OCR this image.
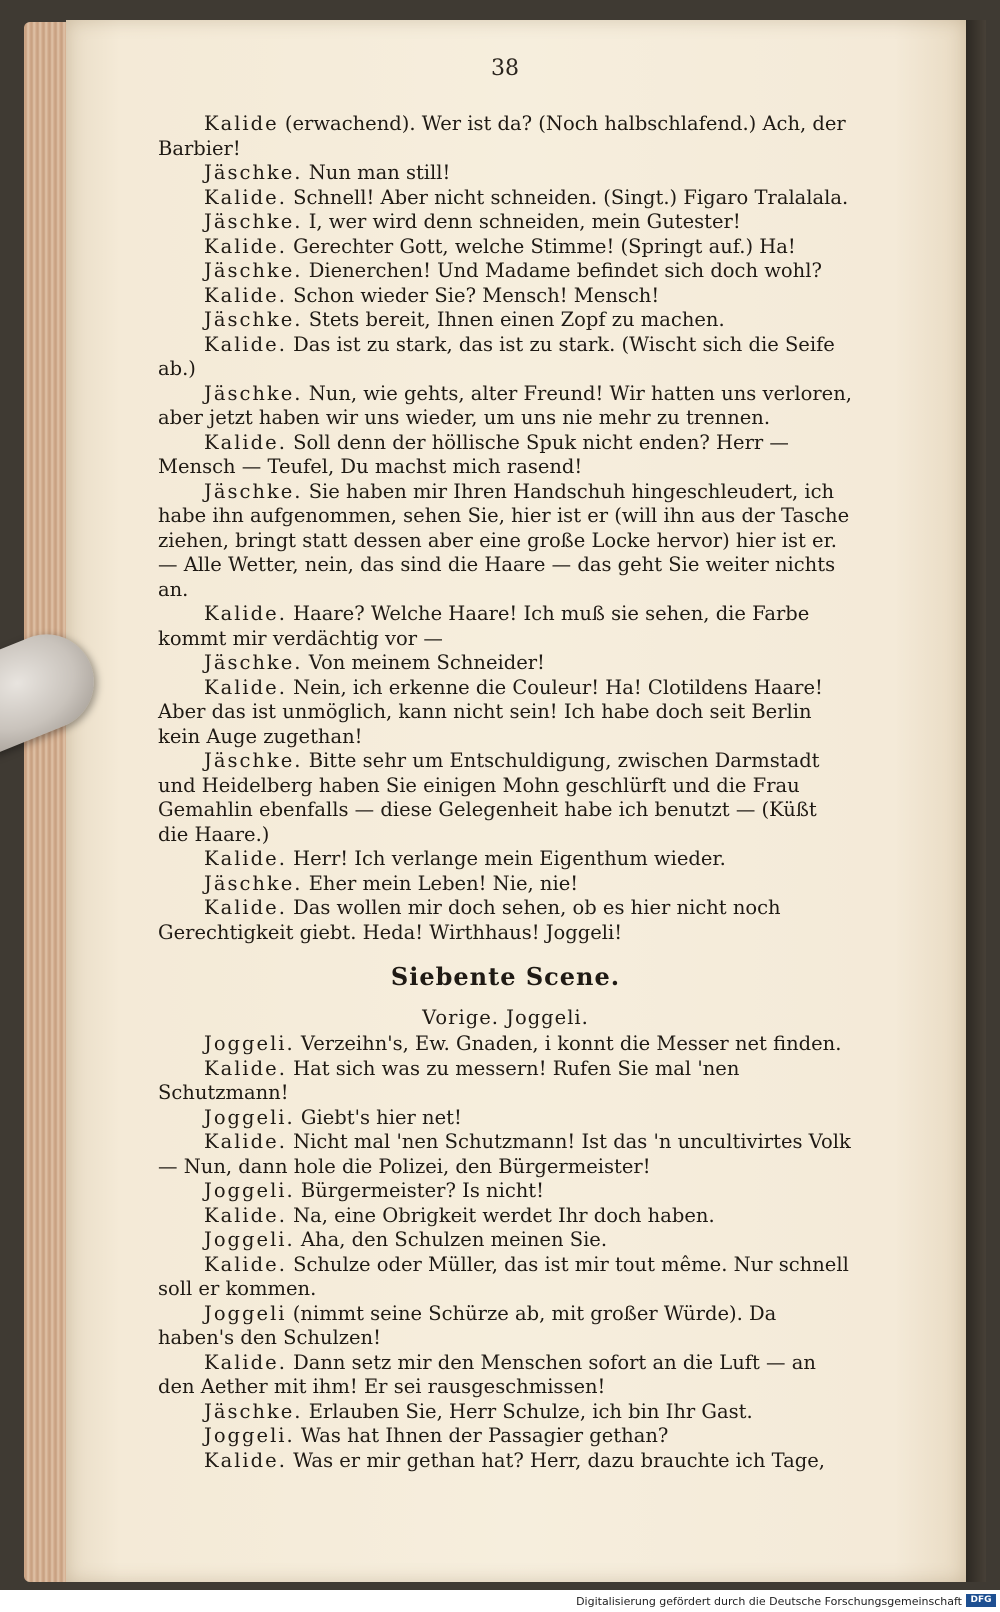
38

Kalide (erwachend). Wer ist da? (Noch halbschlafend.) Ach, der Barbier!

Jäschke. Nun man still!

Kalide. Schnell! Aber nicht schneiden. (Singt.) Figaro Tralalala.

Jäschke. I, wer wird denn schneiden, mein Gutester!

Kalide. Gerechter Gott, welche Stimme! (Springt auf.) Ha!

Jäschke. Dienerchen! Und Madame befindet sich doch wohl?

Kalide. Schon wieder Sie? Mensch! Mensch!

Jäschke. Stets bereit, Ihnen einen Zopf zu machen.

Kalide. Das ist zu stark, das ist zu stark. (Wischt sich die Seife ab.)

Jäschke. Nun, wie gehts, alter Freund! Wir hatten uns verloren, aber jetzt haben wir uns wieder, um uns nie mehr zu trennen.

Kalide. Soll denn der höllische Spuk nicht enden? Herr — Mensch — Teufel, Du machst mich rasend!

Jäschke. Sie haben mir Ihren Handschuh hingeschleudert, ich habe ihn aufgenommen, sehen Sie, hier ist er (will ihn aus der Tasche ziehen, bringt statt dessen aber eine große Locke hervor) hier ist er. — Alle Wetter, nein, das sind die Haare — das geht Sie weiter nichts an.

Kalide. Haare? Welche Haare! Ich muß sie sehen, die Farbe kommt mir verdächtig vor —

Jäschke. Von meinem Schneider!

Kalide. Nein, ich erkenne die Couleur! Ha! Clotildens Haare! Aber das ist unmöglich, kann nicht sein! Ich habe doch seit Berlin kein Auge zugethan!

Jäschke. Bitte sehr um Entschuldigung, zwischen Darmstadt und Heidelberg haben Sie einigen Mohn geschlürft und die Frau Gemahlin ebenfalls — diese Gelegenheit habe ich benutzt — (Küßt die Haare.)

Kalide. Herr! Ich verlange mein Eigenthum wieder.

Jäschke. Eher mein Leben! Nie, nie!

Kalide. Das wollen mir doch sehen, ob es hier nicht noch Gerechtigkeit giebt. Heda! Wirthhaus! Joggeli!

Siebente Scene.
Vorige. Joggeli.

Joggeli. Verzeihn's, Ew. Gnaden, i konnt die Messer net finden.

Kalide. Hat sich was zu messern! Rufen Sie mal 'nen Schutzmann!

Joggeli. Giebt's hier net!

Kalide. Nicht mal 'nen Schutzmann! Ist das 'n uncultivirtes Volk — Nun, dann hole die Polizei, den Bürgermeister!

Joggeli. Bürgermeister? Is nicht!

Kalide. Na, eine Obrigkeit werdet Ihr doch haben.

Joggeli. Aha, den Schulzen meinen Sie.

Kalide. Schulze oder Müller, das ist mir tout même. Nur schnell soll er kommen.

Joggeli (nimmt seine Schürze ab, mit großer Würde). Da haben's den Schulzen!

Kalide. Dann setz mir den Menschen sofort an die Luft — an den Aether mit ihm! Er sei rausgeschmissen!

Jäschke. Erlauben Sie, Herr Schulze, ich bin Ihr Gast.

Joggeli. Was hat Ihnen der Passagier gethan?

Kalide. Was er mir gethan hat? Herr, dazu brauchte ich Tage,

Digitalisierung gefördert durch die Deutsche Forschungsgemeinschaft DFG
